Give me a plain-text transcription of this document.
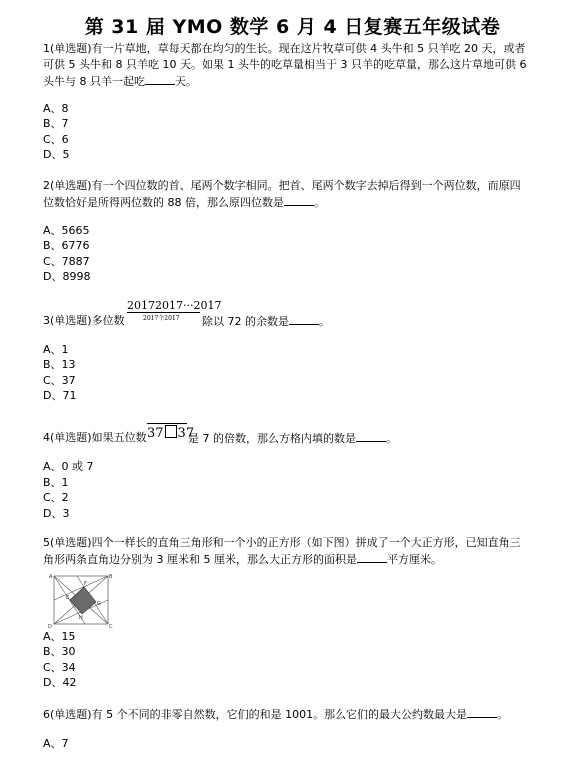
第 31 届 YMO 数学 6 月 4 日复赛五年级试卷
1(单选题)有一片草地，草每天都在均匀的生长。现在这片牧草可供 4 头牛和 5 只羊吃 20 天，或者
可供 5 头牛和 8 只羊吃 10 天。如果 1 头牛的吃草量相当于 3 只羊的吃草量，那么这片草地可供 6
头牛与 8 只羊一起吃	天。
A、8
B、7
C、6
D、5
2(单选题)有一个四位数的首、尾两个数字相同。把首、尾两个数字去掉后得到一个两位数，而原四
位数恰好是所得两位数的 88 倍，那么原四位数是	。
A、5665
B、6776
C、7887
D、8998
3(单选题)多位数
20172017···2017
2017个2017 除以 72 的余数是	。
A、1
B、13
C、37
D、71
4(单选题)如果五位数 37 37
是 7 的倍数，那么方格内填的数是	。
A、0 或 7
B、1
C、2
D、3
5(单选题)四个一样长的直角三角形和一个小的正方形（如下图）拼成了一个大正方形，已知直角三
角形两条直角边分别为 3 厘米和 5 厘米，那么大正方形的面积是	平方厘米。
A	B
C
D
E
F
G
H
A、15
B、30
C、34
D、42
6(单选题)有 5 个不同的非零自然数，它们的和是 1001。那么它们的最大公约数最大是	。
A、7
